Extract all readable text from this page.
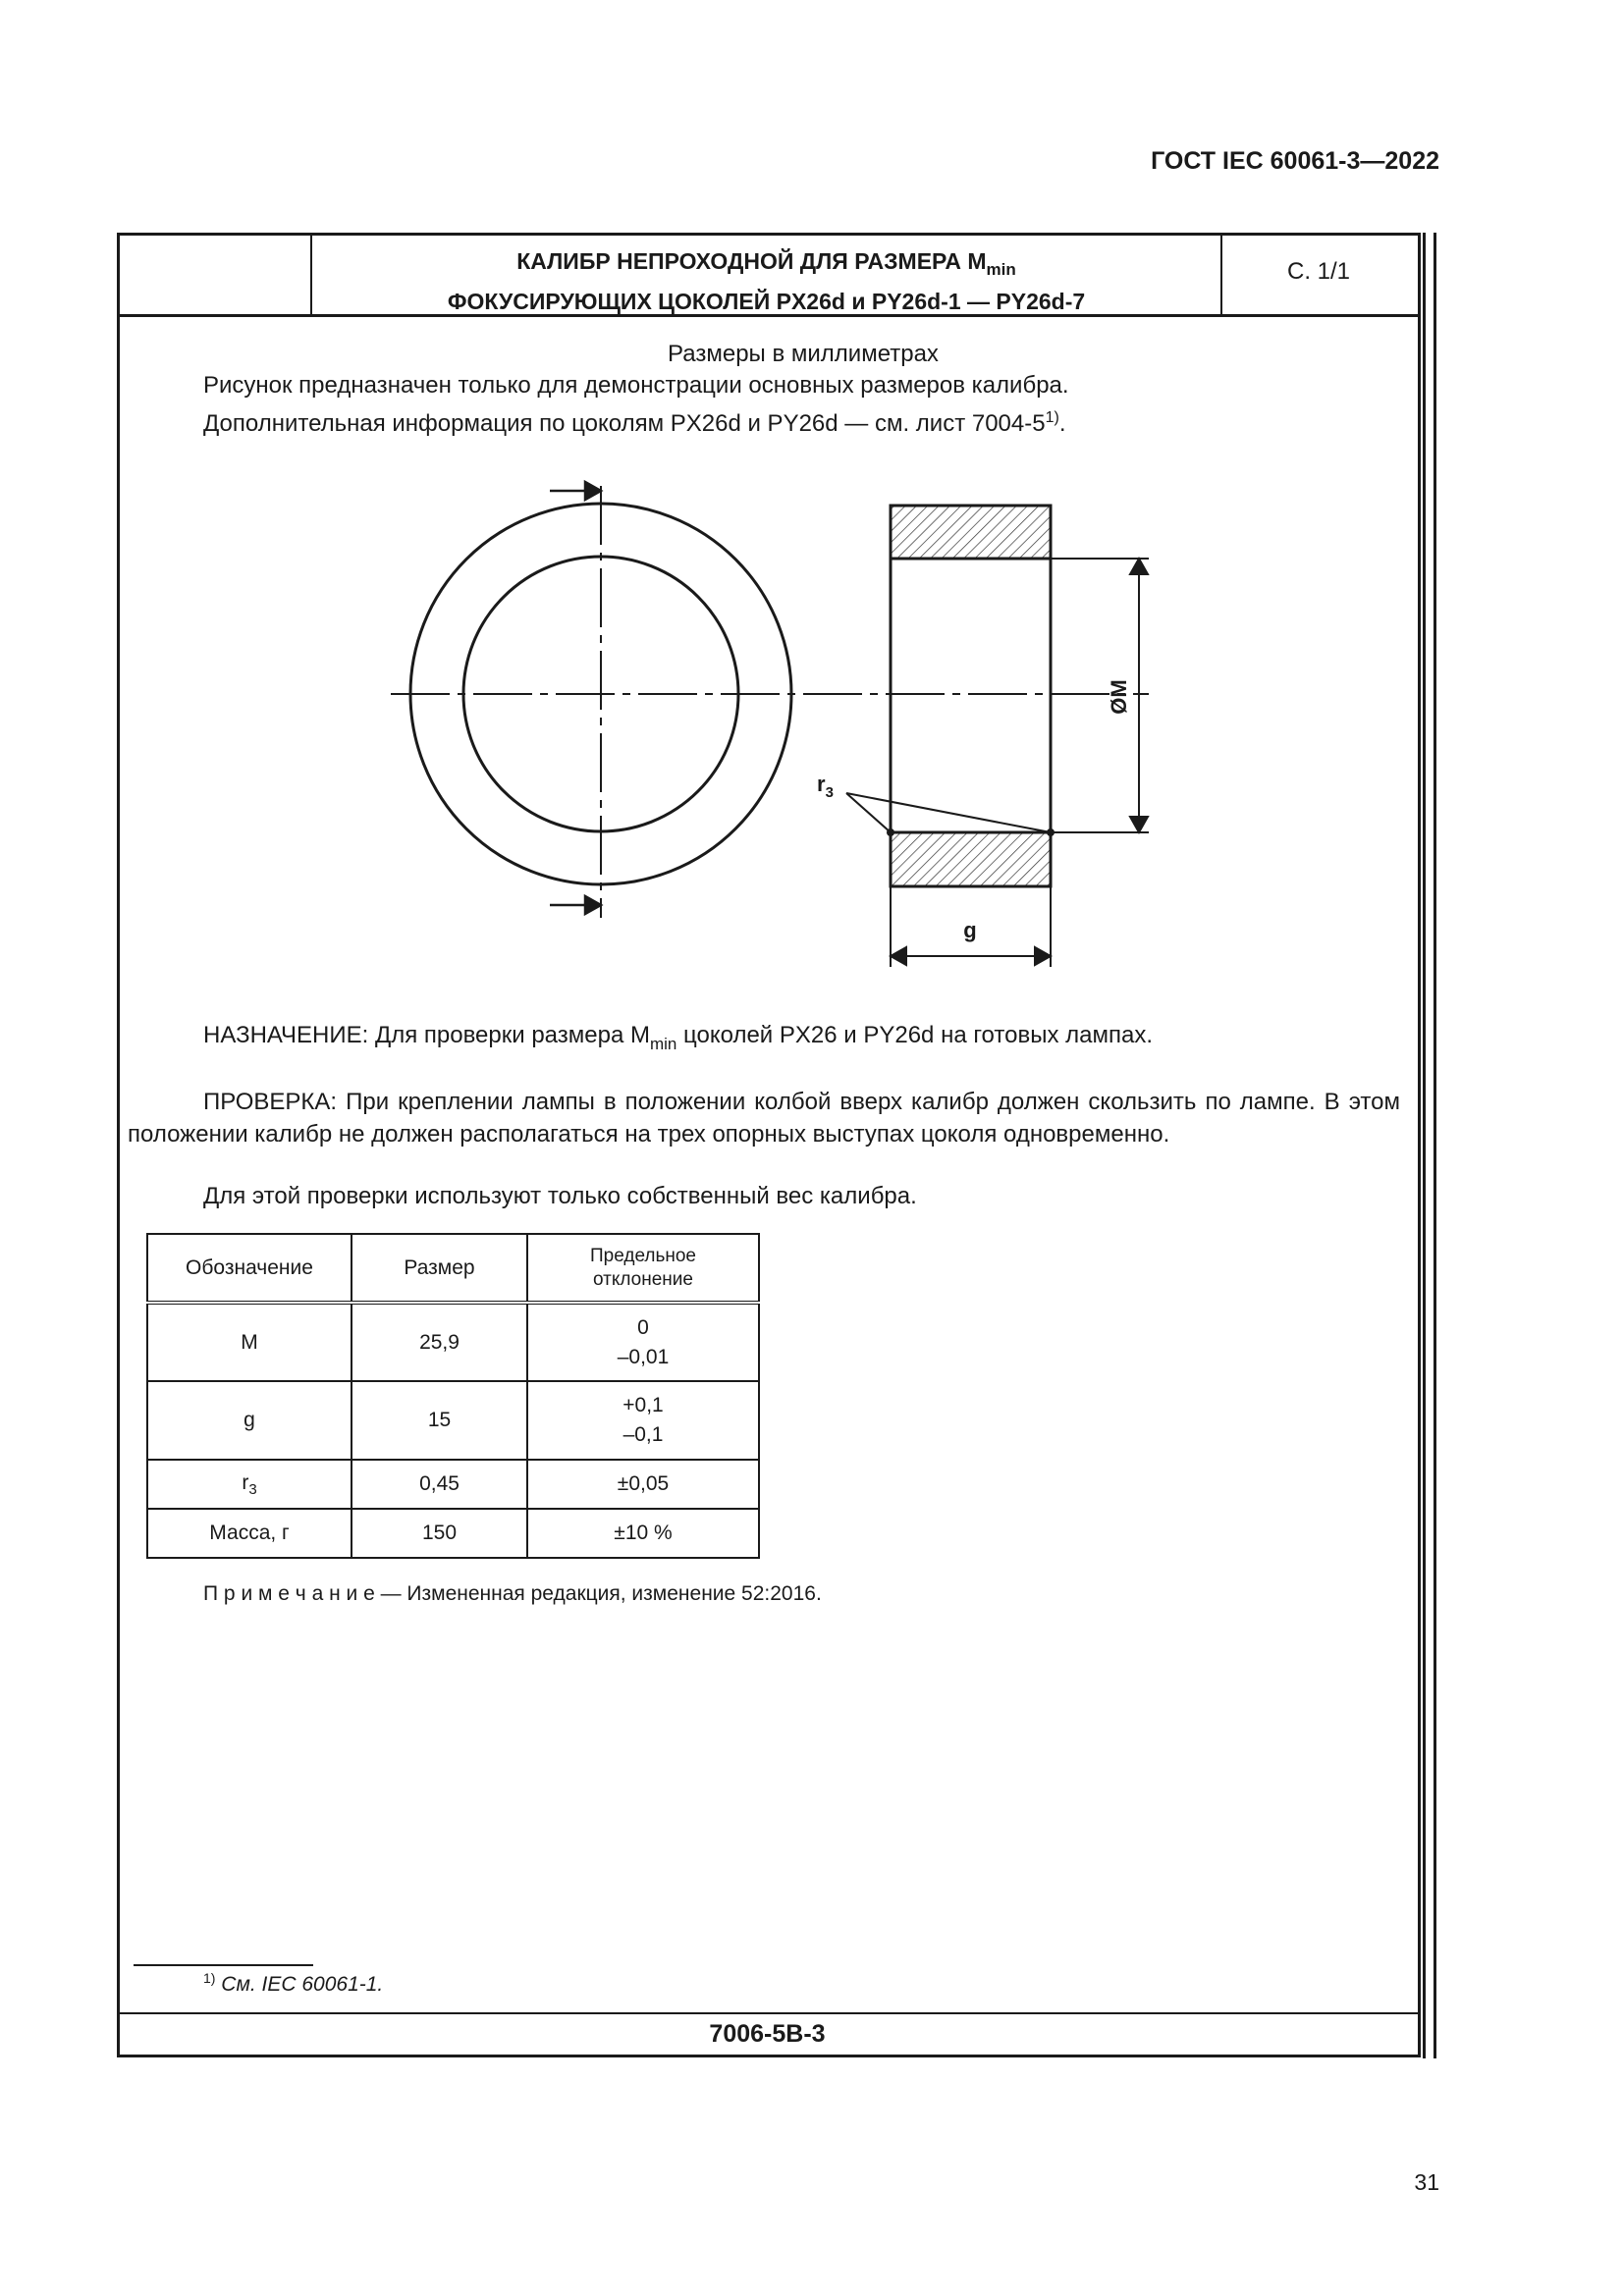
ГОСТ IEC 60061-3—2022
КАЛИБР НЕПРОХОДНОЙ ДЛЯ РАЗМЕРА $M_{min}$
ФОКУСИРУЮЩИХ ЦОКОЛЕЙ PX26d и PY26d-1 — PY26d-7
С. 1/1
Размеры в миллиметрах
Рисунок предназначен только для демонстрации основных размеров калибра.
Дополнительная информация по цоколям PX26d и PY26d — см. лист 7004-5$^{1)}$.
ØM
$r_3$
g
НАЗНАЧЕНИЕ: Для проверки размера $M_{min}$ цоколей PX26 и PY26d на готовых лампах.
ПРОВЕРКА: При креплении лампы в положении колбой вверх калибр должен скользить по лампе. В этом положении калибр не должен располагаться на трех опорных выступах цоколя одновременно.
Для этой проверки используют только собственный вес калибра.
Обозначение	Размер	Предельное
отклонение
M	25,9	0
–0,01
g	15	+0,1
–0,1
$r_3$	0,45	±0,05
Масса, г	150	±10 %
П р и м е ч а н и е — Измененная редакция, изменение 52:2016.
$^{1)}$ См. IEC 60061-1.
7006-5B-3
31
